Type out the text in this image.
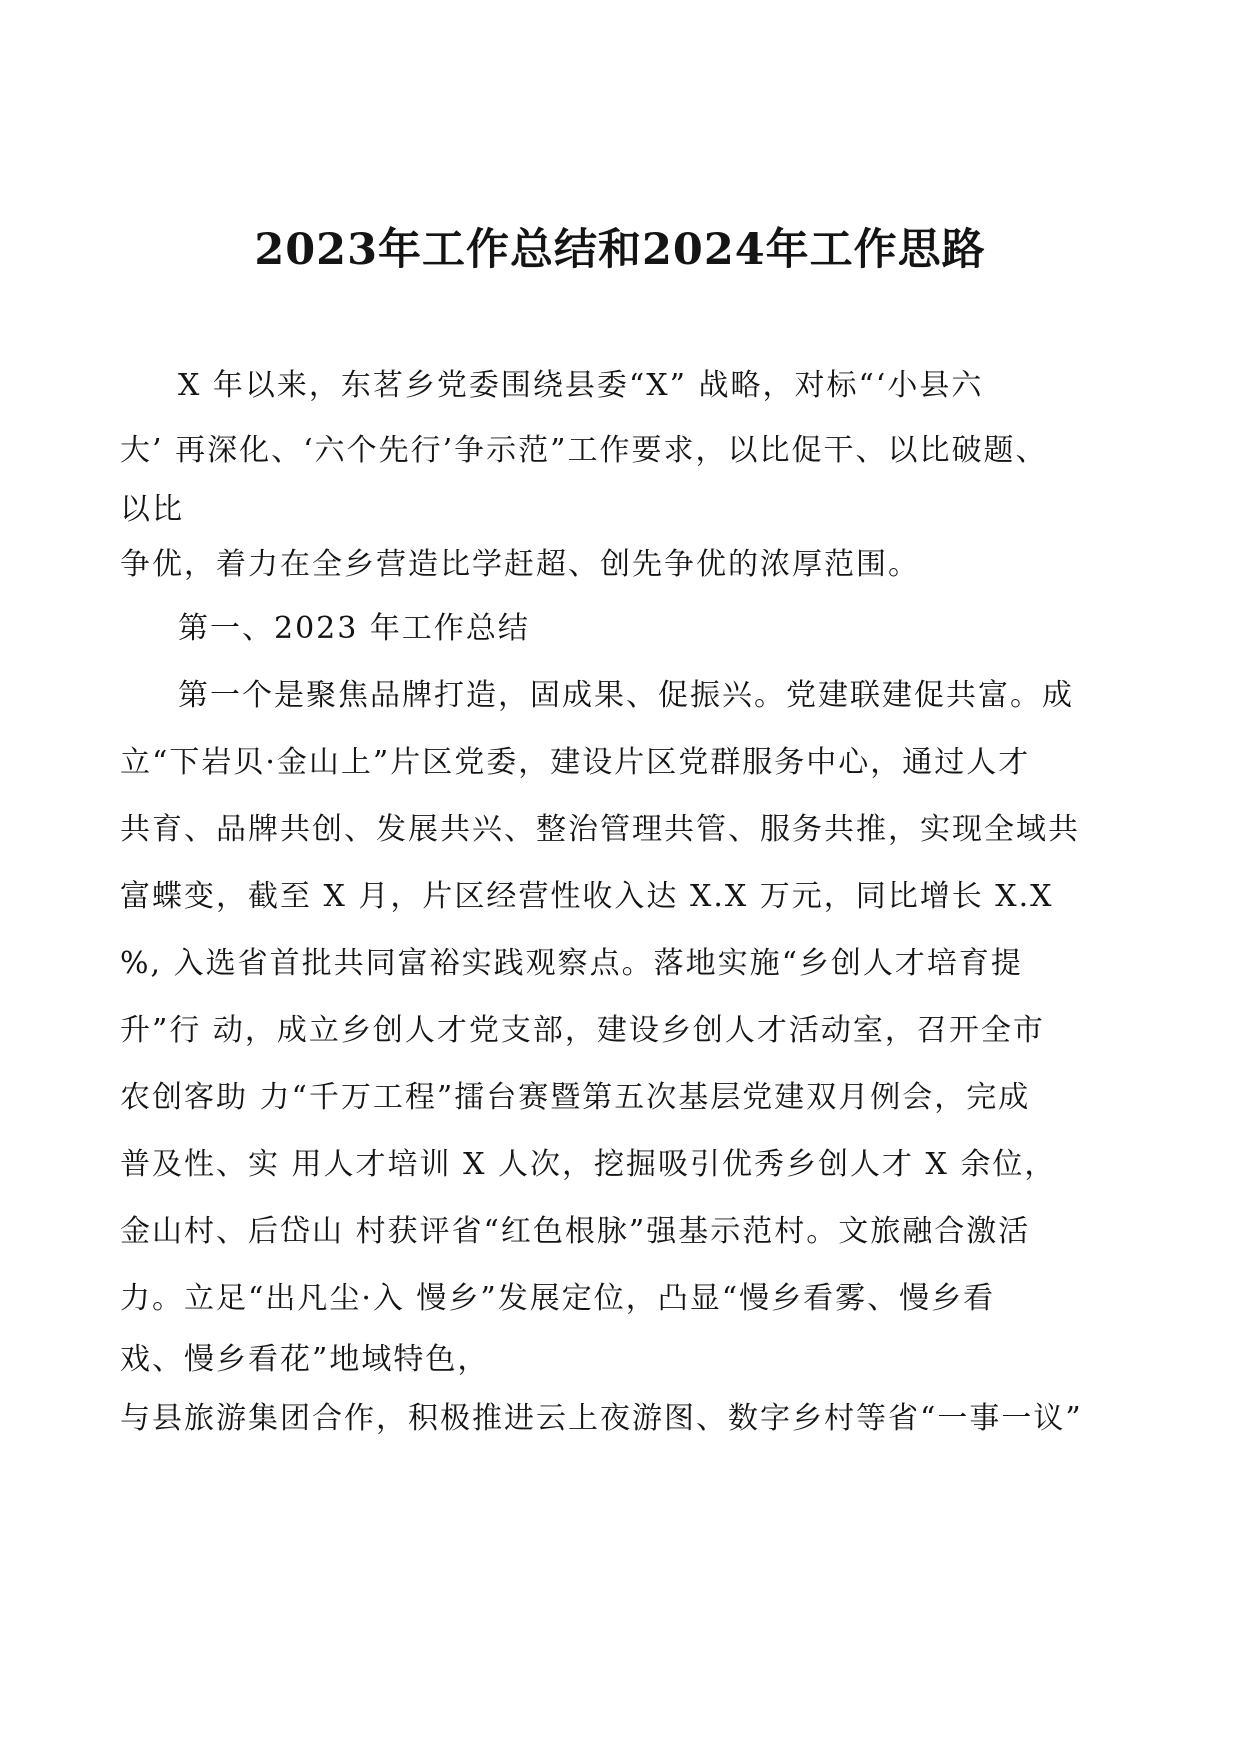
2023年工作总结和2024年工作思路
X 年以来，东茗乡党委围绕县委“X” 战略，对标“‘小县六
大’ 再深化、‘六个先行’争示范”工作要求，以比促干、以比破题、
以比
争优，着力在全乡营造比学赶超、创先争优的浓厚范围。
第一、2023 年工作总结
第一个是聚焦品牌打造，固成果、促振兴。党建联建促共富。成
立“下岩贝·金山上”片区党委，建设片区党群服务中心，通过人才
共育、品牌共创、发展共兴、整治管理共管、服务共推，实现全域共
富蝶变，截至 X 月，片区经营性收入达 X.X 万元，同比增长 X.X
%, 入选省首批共同富裕实践观察点。落地实施“乡创人才培育提
升”行 动，成立乡创人才党支部，建设乡创人才活动室，召开全市
农创客助 力“千万工程”擂台赛暨第五次基层党建双月例会，完成
普及性、实 用人才培训 X 人次，挖掘吸引优秀乡创人才 X 余位，
金山村、后岱山 村获评省“红色根脉”强基示范村。文旅融合激活
力。立足“出凡尘·入 慢乡”发展定位，凸显“慢乡看雾、慢乡看
戏、慢乡看花”地域特色，
与县旅游集团合作，积极推进云上夜游图、数字乡村等省“一事一议”
